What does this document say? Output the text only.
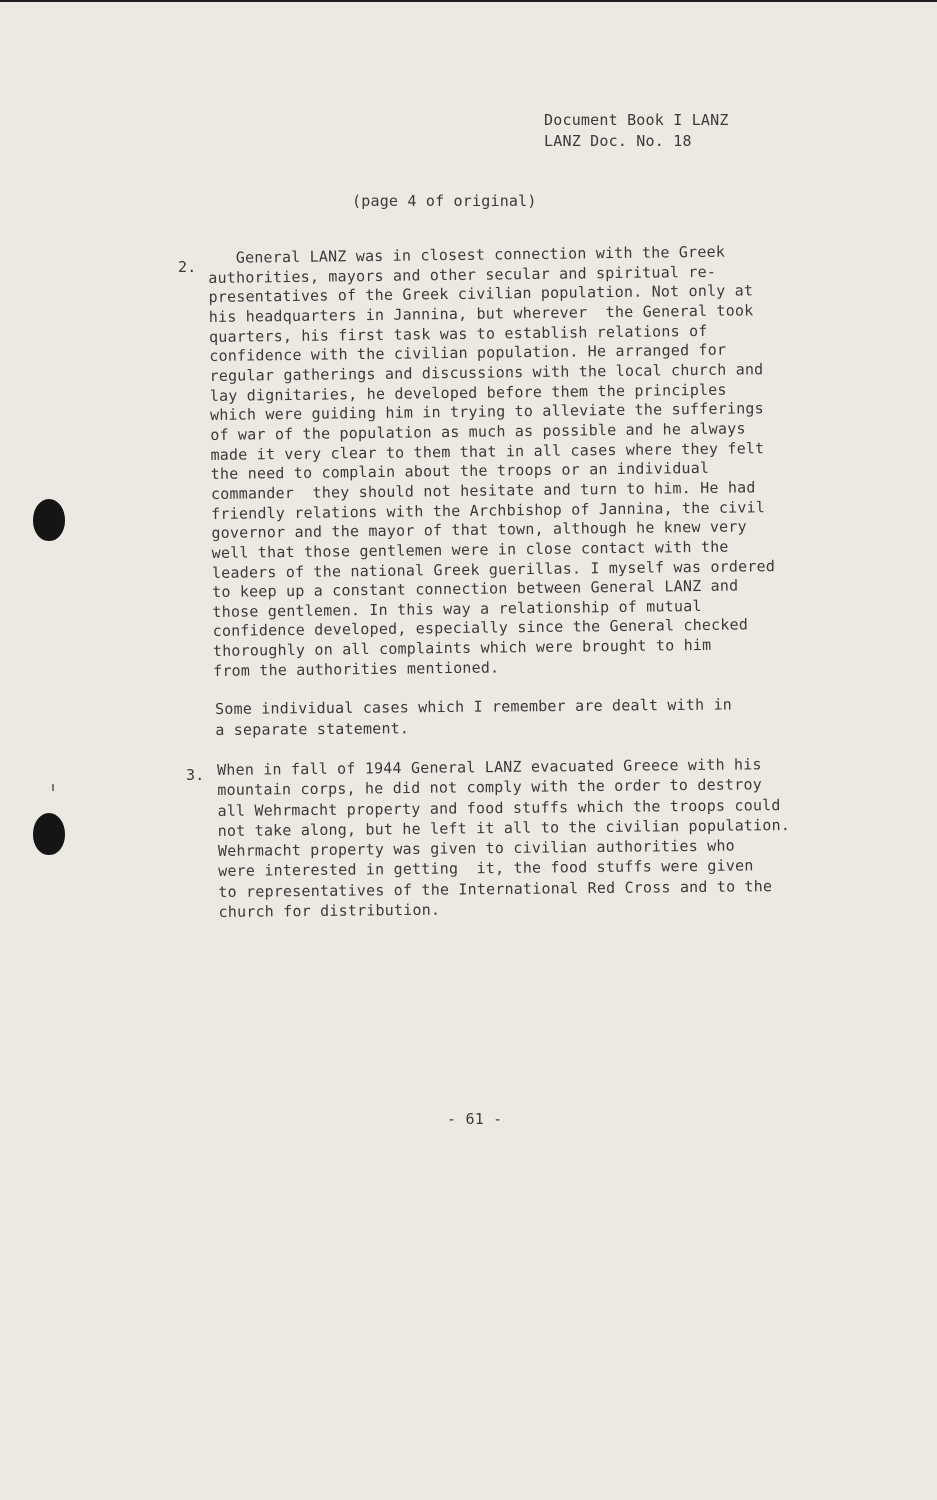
Document Book I LANZ
LANZ Doc. No. 18
(page 4 of original)
2.
General LANZ was in closest connection with the Greek
authorities, mayors and other secular and spiritual re-
presentatives of the Greek civilian population. Not only at
his headquarters in Jannina, but wherever  the General took
quarters, his first task was to establish relations of
confidence with the civilian population. He arranged for
regular gatherings and discussions with the local church and
lay dignitaries, he developed before them the principles
which were guiding him in trying to alleviate the sufferings
of war of the population as much as possible and he always
made it very clear to them that in all cases where they felt
the need to complain about the troops or an individual
commander  they should not hesitate and turn to him. He had
friendly relations with the Archbishop of Jannina, the civil
governor and the mayor of that town, although he knew very
well that those gentlemen were in close contact with the
leaders of the national Greek guerillas. I myself was ordered
to keep up a constant connection between General LANZ and
those gentlemen. In this way a relationship of mutual
confidence developed, especially since the General checked
thoroughly on all complaints which were brought to him
from the authorities mentioned.
Some individual cases which I remember are dealt with in
a separate statement.
3. When in fall of 1944 General LANZ evacuated Greece with his
mountain corps, he did not comply with the order to destroy
all Wehrmacht property and food stuffs which the troops could
not take along, but he left it all to the civilian population.
Wehrmacht property was given to civilian authorities who
were interested in getting  it, the food stuffs were given
to representatives of the International Red Cross and to the
church for distribution.
- 61 -
